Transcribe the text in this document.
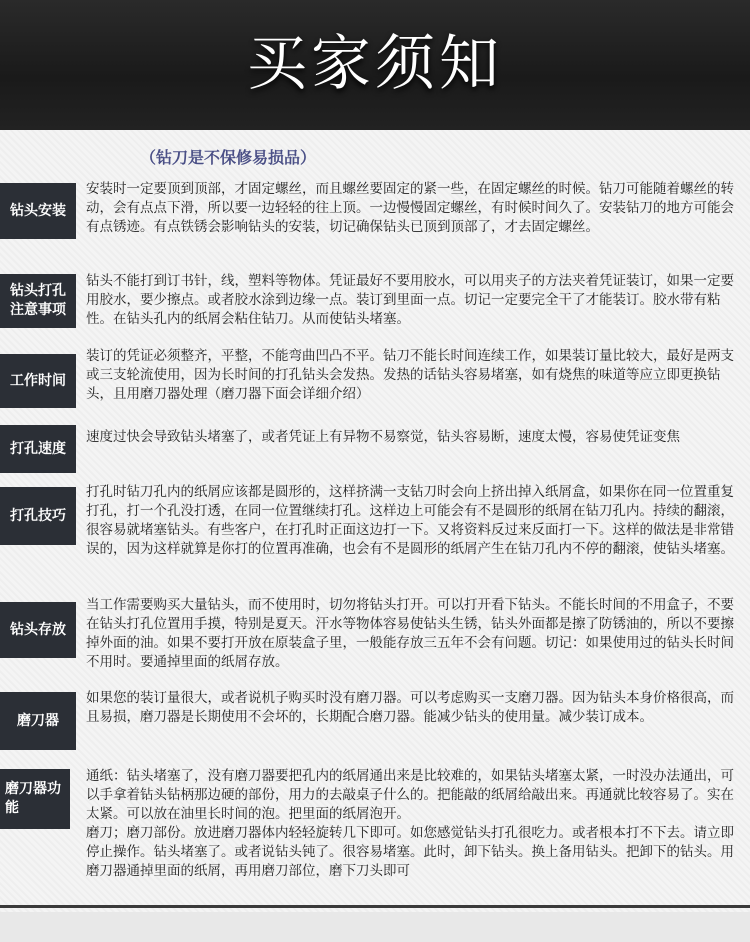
买家须知
（钻刀是不保修易损品）
钻头安装

安装时一定要顶到顶部，才固定螺丝，而且螺丝要固定的紧一些，在固定螺丝的时候。钻刀可能随着螺丝的转动，会有点点下滑，所以要一边轻轻的往上顶。一边慢慢固定螺丝，有时候时间久了。安装钻刀的地方可能会有点锈迹。有点铁锈会影响钻头的安装，切记确保钻头已顶到顶部了，才去固定螺丝。

钻头打孔注意事项

钻头不能打到订书针，线，塑料等物体。凭证最好不要用胶水，可以用夹子的方法夹着凭证装订，如果一定要用胶水，要少擦点。或者胶水涂到边缘一点。装订到里面一点。切记一定要完全干了才能装订。胶水带有粘性。在钻头孔内的纸屑会粘住钻刀。从而使钻头堵塞。

工作时间

装订的凭证必须整齐，平整，不能弯曲凹凸不平。钻刀不能长时间连续工作，如果装订量比较大，最好是两支或三支轮流使用，因为长时间的打孔钻头会发热。发热的话钻头容易堵塞，如有烧焦的味道等应立即更换钻头，且用磨刀器处理（磨刀器下面会详细介绍）

打孔速度

速度过快会导致钻头堵塞了，或者凭证上有异物不易察觉，钻头容易断，速度太慢，容易使凭证变焦

打孔技巧

打孔时钻刀孔内的纸屑应该都是圆形的，这样挤满一支钻刀时会向上挤出掉入纸屑盒，如果你在同一位置重复打孔，打一个孔没打透，在同一位置继续打孔。这样边上可能会有不是圆形的纸屑在钻刀孔内。持续的翻滚，很容易就堵塞钻头。有些客户，在打孔时正面这边打一下。又将资料反过来反面打一下。这样的做法是非常错误的，因为这样就算是你打的位置再准确，也会有不是圆形的纸屑产生在钻刀孔内不停的翻滚，使钻头堵塞。

钻头存放

当工作需要购买大量钻头，而不使用时，切勿将钻头打开。可以打开看下钻头。不能长时间的不用盒子，不要在钻头打孔位置用手摸，特别是夏天。汗水等物体容易使钻头生锈，钻头外面都是擦了防锈油的，所以不要擦掉外面的油。如果不要打开放在原装盒子里，一般能存放三五年不会有问题。切记：如果使用过的钻头长时间不用时。要通掉里面的纸屑存放。

磨刀器

如果您的装订量很大，或者说机子购买时没有磨刀器。可以考虑购买一支磨刀器。因为钻头本身价格很高，而且易损，磨刀器是长期使用不会坏的，长期配合磨刀器。能减少钻头的使用量。减少装订成本。

磨刀器功能

通纸：钻头堵塞了，没有磨刀器要把孔内的纸屑通出来是比较难的，如果钻头堵塞太紧，一时没办法通出，可以手拿着钻头钻柄那边硬的部份，用力的去敲桌子什么的。把能敲的纸屑给敲出来。再通就比较容易了。实在太紧。可以放在油里长时间的泡。把里面的纸屑泡开。

磨刀；磨刀部份。放进磨刀器体内轻轻旋转几下即可。如您感觉钻头打孔很吃力。或者根本打不下去。请立即停止操作。钻头堵塞了。或者说钻头钝了。很容易堵塞。此时，卸下钻头。换上备用钻头。把卸下的钻头。用磨刀器通掉里面的纸屑，再用磨刀部位，磨下刀头即可
